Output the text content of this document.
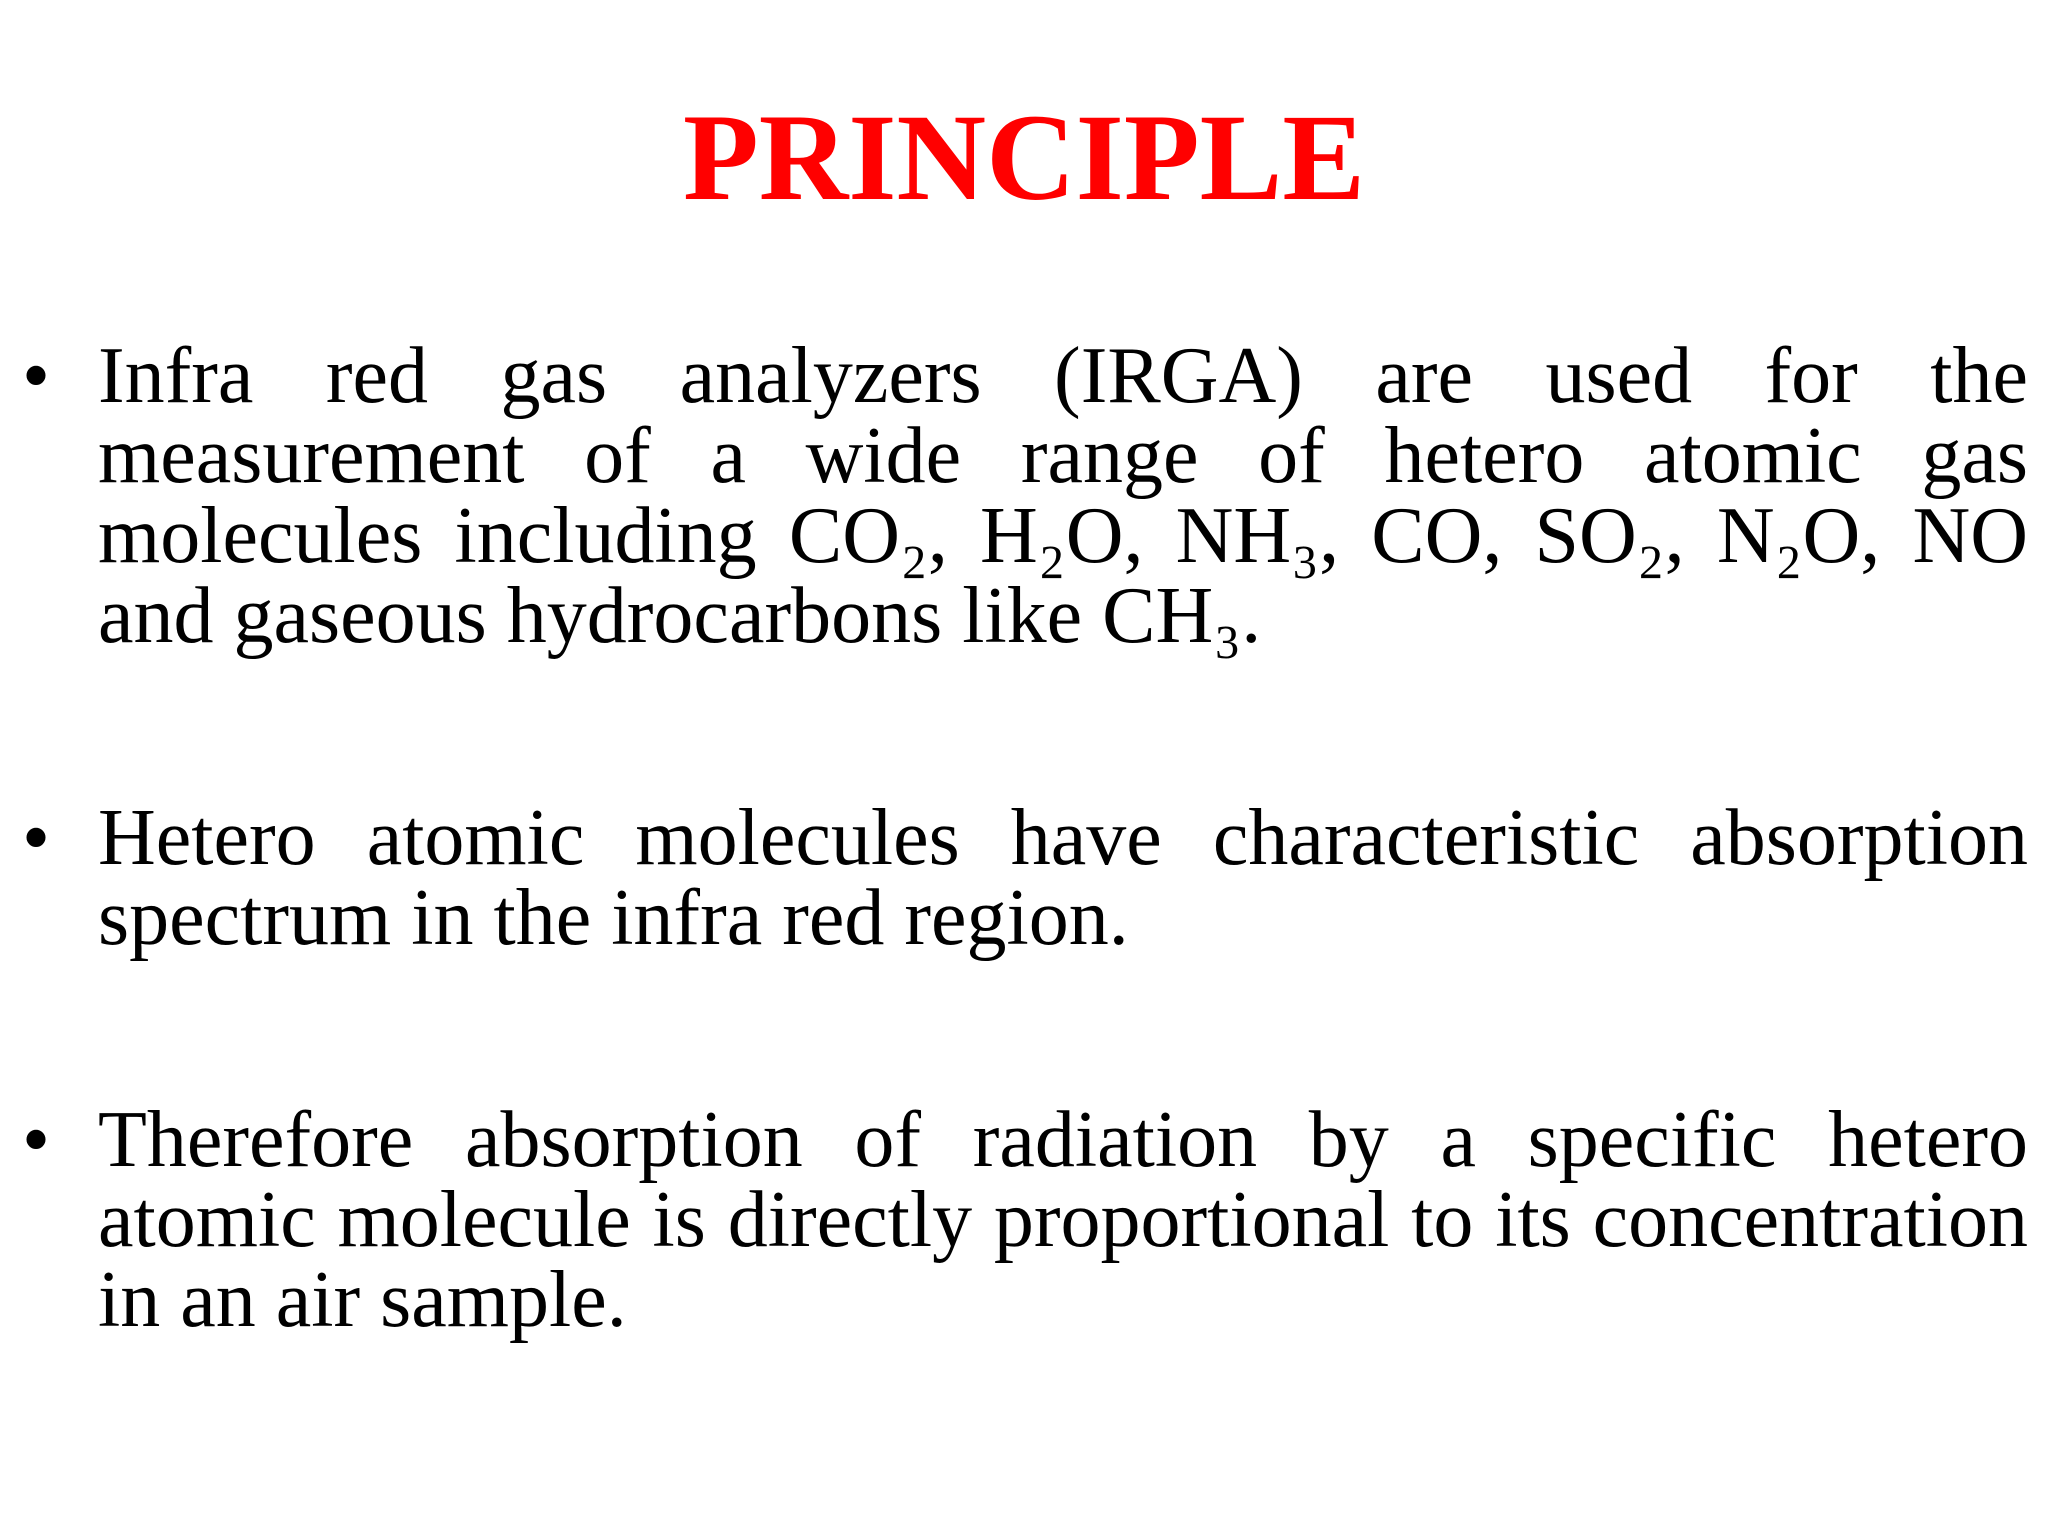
PRINCIPLE
• Infra red gas analyzers (IRGA) are used for the measurement of a wide range of hetero atomic gas molecules including CO₂, H₂O, NH₃, CO, SO₂, N₂O, NO and gaseous hydrocarbons like CH₃.
• Hetero atomic molecules have characteristic absorption spectrum in the infra red region.
• Therefore absorption of radiation by a specific hetero atomic molecule is directly proportional to its concentration in an air sample.
